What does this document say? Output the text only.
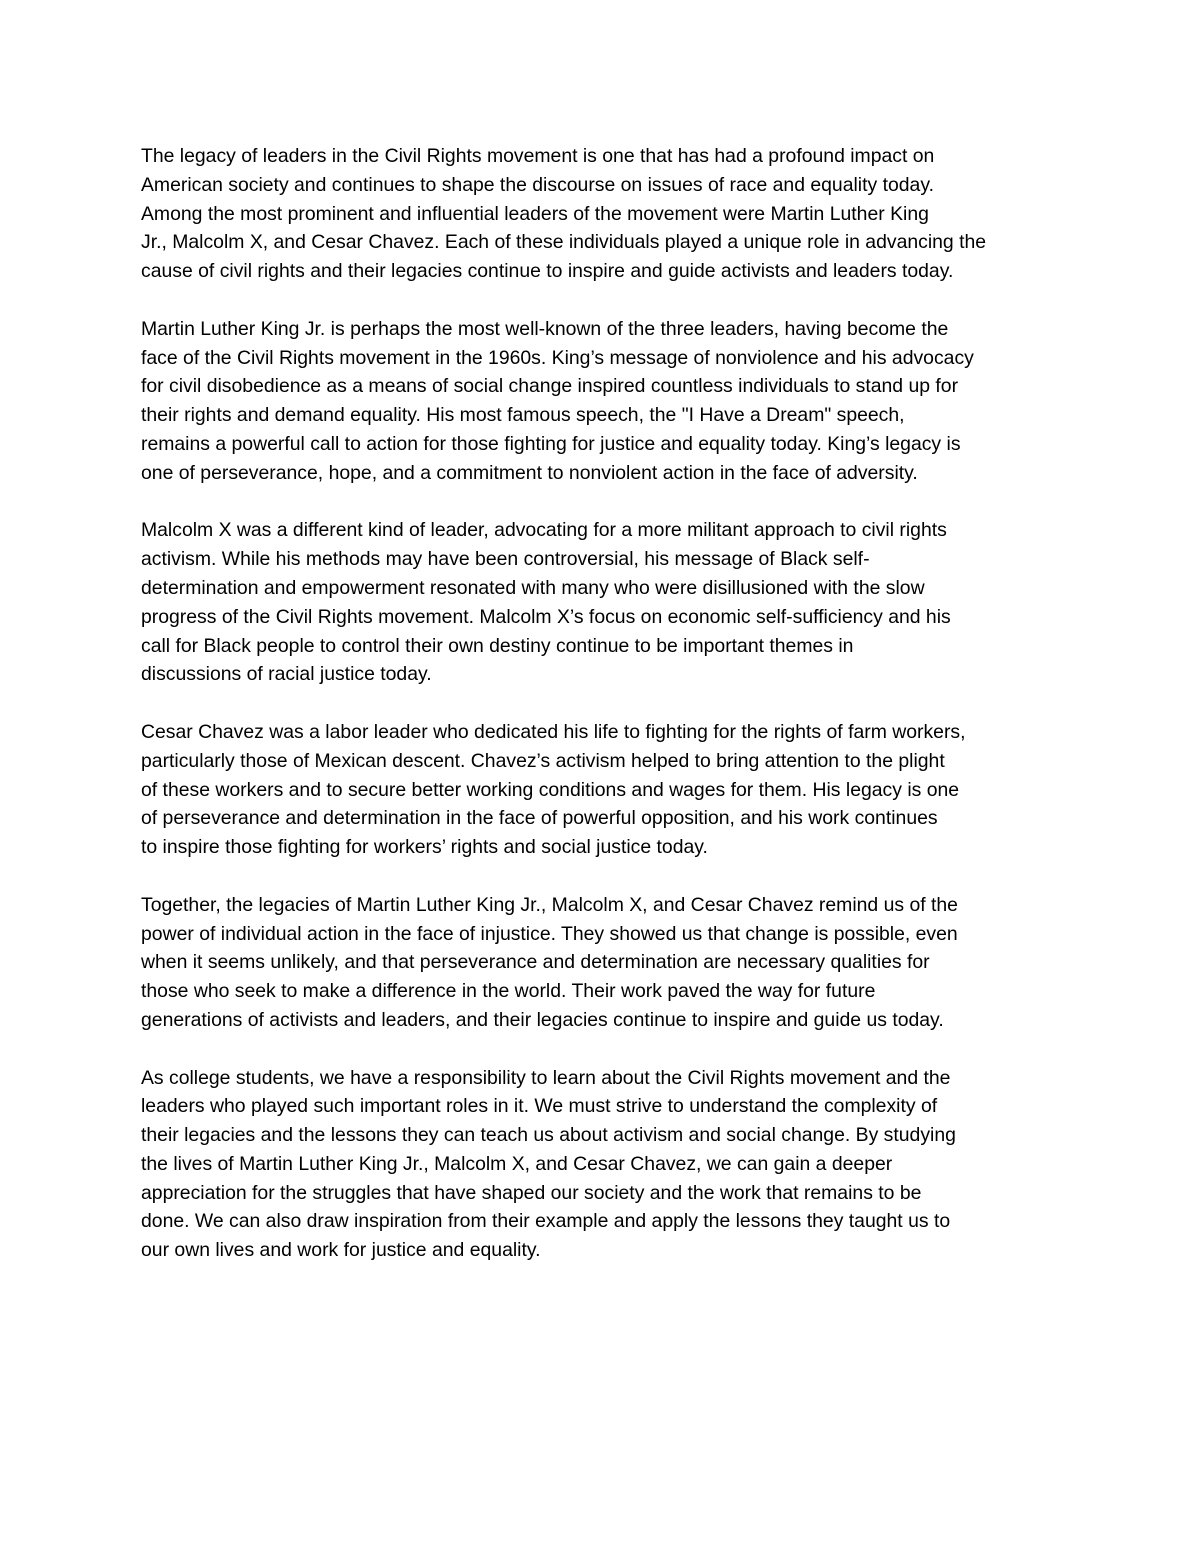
The legacy of leaders in the Civil Rights movement is one that has had a profound impact on
American society and continues to shape the discourse on issues of race and equality today.
Among the most prominent and influential leaders of the movement were Martin Luther King
Jr., Malcolm X, and Cesar Chavez. Each of these individuals played a unique role in advancing the
cause of civil rights and their legacies continue to inspire and guide activists and leaders today.

Martin Luther King Jr. is perhaps the most well-known of the three leaders, having become the
face of the Civil Rights movement in the 1960s. King’s message of nonviolence and his advocacy
for civil disobedience as a means of social change inspired countless individuals to stand up for
their rights and demand equality. His most famous speech, the "I Have a Dream" speech,
remains a powerful call to action for those fighting for justice and equality today. King’s legacy is
one of perseverance, hope, and a commitment to nonviolent action in the face of adversity.

Malcolm X was a different kind of leader, advocating for a more militant approach to civil rights
activism. While his methods may have been controversial, his message of Black self-
determination and empowerment resonated with many who were disillusioned with the slow
progress of the Civil Rights movement. Malcolm X’s focus on economic self-sufficiency and his
call for Black people to control their own destiny continue to be important themes in
discussions of racial justice today.

Cesar Chavez was a labor leader who dedicated his life to fighting for the rights of farm workers,
particularly those of Mexican descent. Chavez’s activism helped to bring attention to the plight
of these workers and to secure better working conditions and wages for them. His legacy is one
of perseverance and determination in the face of powerful opposition, and his work continues
to inspire those fighting for workers’ rights and social justice today.

Together, the legacies of Martin Luther King Jr., Malcolm X, and Cesar Chavez remind us of the
power of individual action in the face of injustice. They showed us that change is possible, even
when it seems unlikely, and that perseverance and determination are necessary qualities for
those who seek to make a difference in the world. Their work paved the way for future
generations of activists and leaders, and their legacies continue to inspire and guide us today.

As college students, we have a responsibility to learn about the Civil Rights movement and the
leaders who played such important roles in it. We must strive to understand the complexity of
their legacies and the lessons they can teach us about activism and social change. By studying
the lives of Martin Luther King Jr., Malcolm X, and Cesar Chavez, we can gain a deeper
appreciation for the struggles that have shaped our society and the work that remains to be
done. We can also draw inspiration from their example and apply the lessons they taught us to
our own lives and work for justice and equality.
